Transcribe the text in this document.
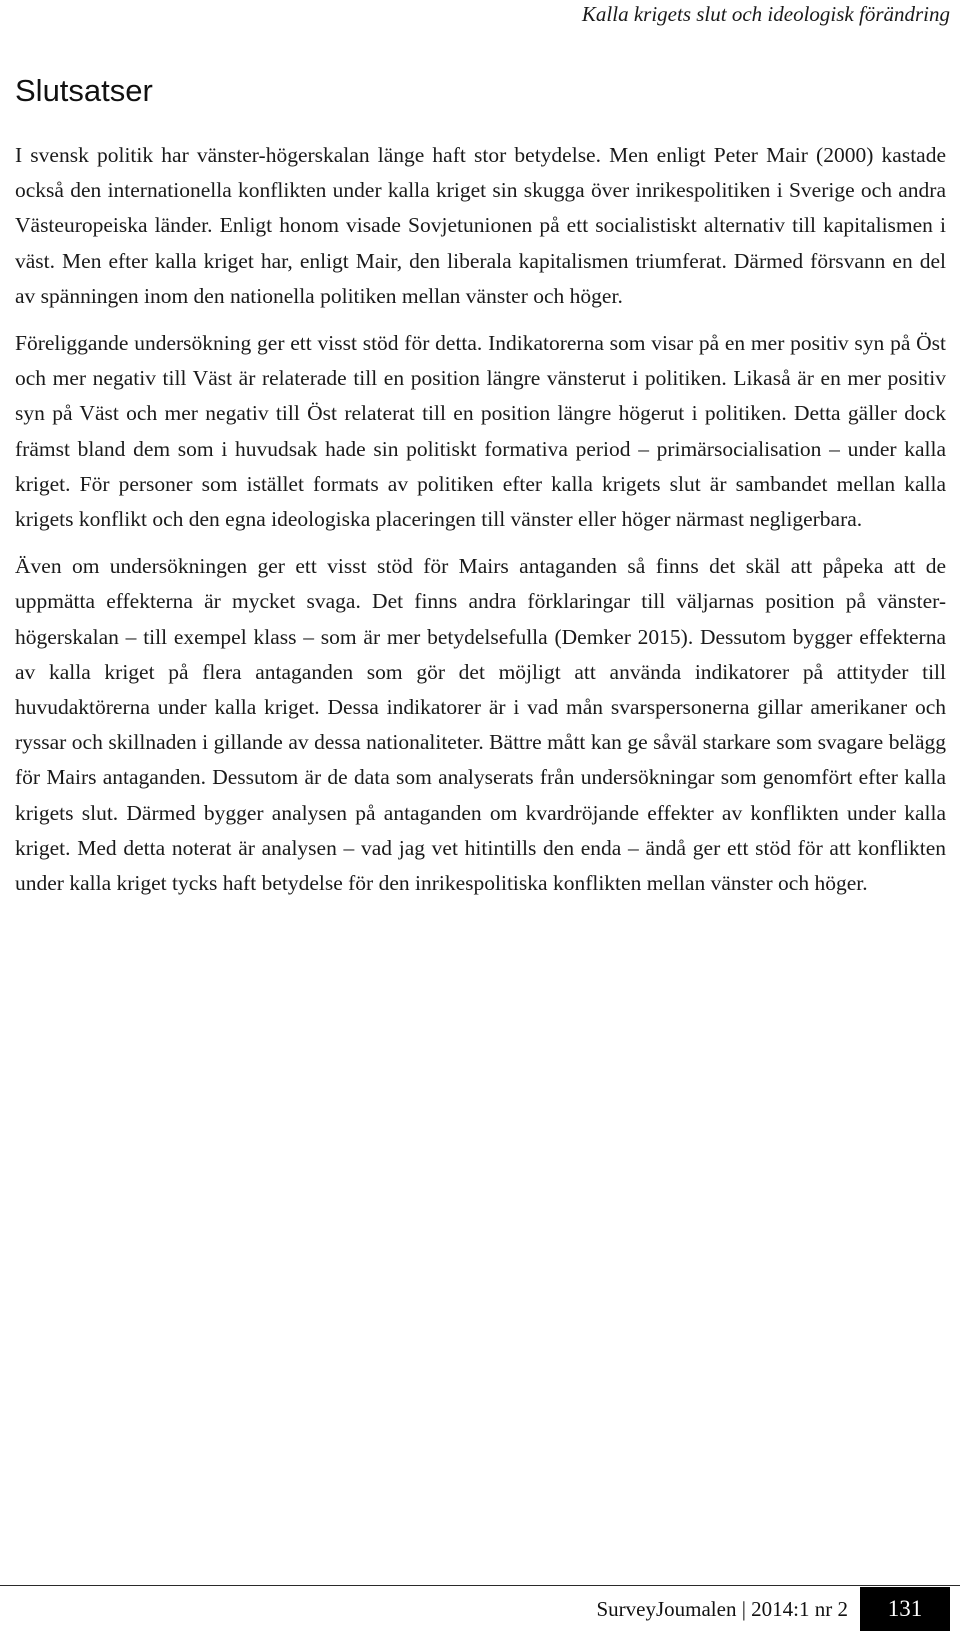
Kalla krigets slut och ideologisk förändring
Slutsatser

I svensk politik har vänster-högerskalan länge haft stor betydelse. Men enligt Peter Mair (2000) kastade också den internationella konflikten under kalla kriget sin skugga över inrikespolitiken i Sverige och andra Västeuropeiska länder. Enligt honom visade Sovjetunionen på ett socialistiskt alternativ till kapitalismen i väst. Men efter kalla kriget har, enligt Mair, den liberala kapitalismen triumferat. Därmed försvann en del av spänningen inom den nationella politiken mellan vänster och höger.

Föreliggande undersökning ger ett visst stöd för detta. Indikatorerna som visar på en mer positiv syn på Öst och mer negativ till Väst är relaterade till en position längre vänsterut i politiken. Likaså är en mer positiv syn på Väst och mer negativ till Öst relaterat till en position längre högerut i politiken. Detta gäller dock främst bland dem som i huvudsak hade sin politiskt formativa period – primärsocialisation – under kalla kriget. För personer som istället formats av politiken efter kalla krigets slut är sambandet mellan kalla krigets konflikt och den egna ideologiska placeringen till vänster eller höger närmast negligerbara.

Även om undersökningen ger ett visst stöd för Mairs antaganden så finns det skäl att påpeka att de uppmätta effekterna är mycket svaga. Det finns andra förklaringar till väljarnas position på vänster-högerskalan – till exempel klass – som är mer betydelsefulla (Demker 2015). Dessutom bygger effekterna av kalla kriget på flera antaganden som gör det möjligt att använda indikatorer på attityder till huvudaktörerna under kalla kriget. Dessa indikatorer är i vad mån svarspersonerna gillar amerikaner och ryssar och skillnaden i gillande av dessa nationaliteter. Bättre mått kan ge såväl starkare som svagare belägg för Mairs antaganden. Dessutom är de data som analyserats från undersökningar som genomfört efter kalla krigets slut. Därmed bygger analysen på antaganden om kvardröjande effekter av konflikten under kalla kriget. Med detta noterat är analysen – vad jag vet hitintills den enda – ändå ger ett stöd för att konflikten under kalla kriget tycks haft betydelse för den inrikespolitiska konflikten mellan vänster och höger.

SurveyJoumalen | 2014:1 nr 2	131
